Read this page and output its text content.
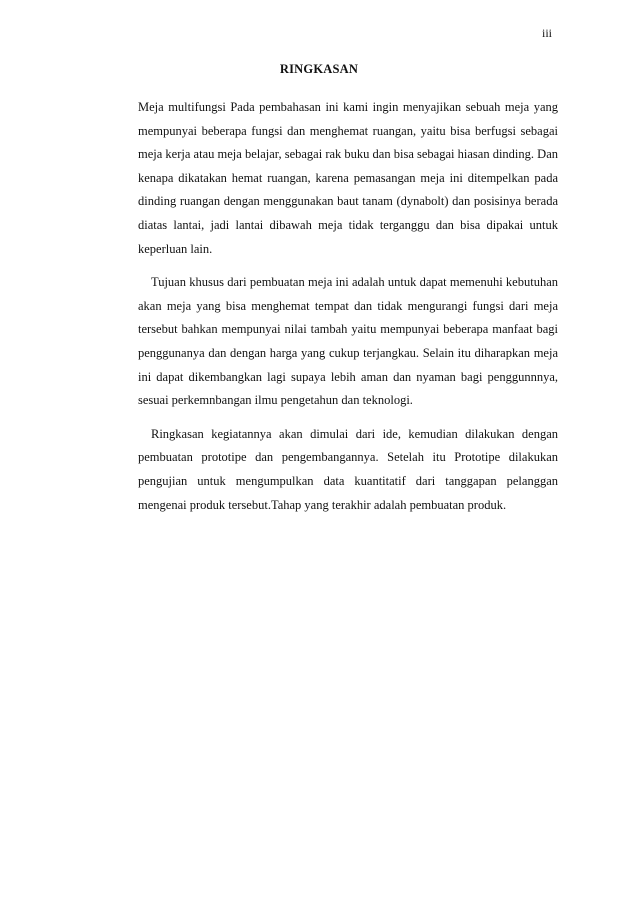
iii
RINGKASAN

Meja multifungsi Pada pembahasan ini kami ingin menyajikan sebuah meja yang mempunyai beberapa fungsi dan menghemat ruangan, yaitu bisa berfugsi sebagai meja kerja atau meja belajar, sebagai rak buku dan bisa sebagai hiasan dinding. Dan kenapa dikatakan hemat ruangan, karena pemasangan meja ini ditempelkan pada dinding ruangan dengan menggunakan baut tanam (dynabolt) dan posisinya berada diatas lantai, jadi lantai dibawah meja tidak terganggu dan bisa dipakai untuk keperluan lain.

Tujuan khusus dari pembuatan meja ini adalah untuk dapat memenuhi kebutuhan akan meja yang bisa menghemat tempat dan tidak mengurangi fungsi dari meja tersebut bahkan mempunyai nilai tambah yaitu mempunyai beberapa manfaat bagi penggunanya dan dengan harga yang cukup terjangkau. Selain itu diharapkan meja ini dapat dikembangkan lagi supaya lebih aman dan nyaman bagi penggunnnya, sesuai perkemnbangan ilmu pengetahun dan teknologi.

Ringkasan kegiatannya akan dimulai dari ide, kemudian dilakukan dengan pembuatan prototipe dan pengembangannya. Setelah itu Prototipe dilakukan pengujian untuk mengumpulkan data kuantitatif dari tanggapan pelanggan mengenai produk tersebut.Tahap yang terakhir adalah pembuatan produk.
